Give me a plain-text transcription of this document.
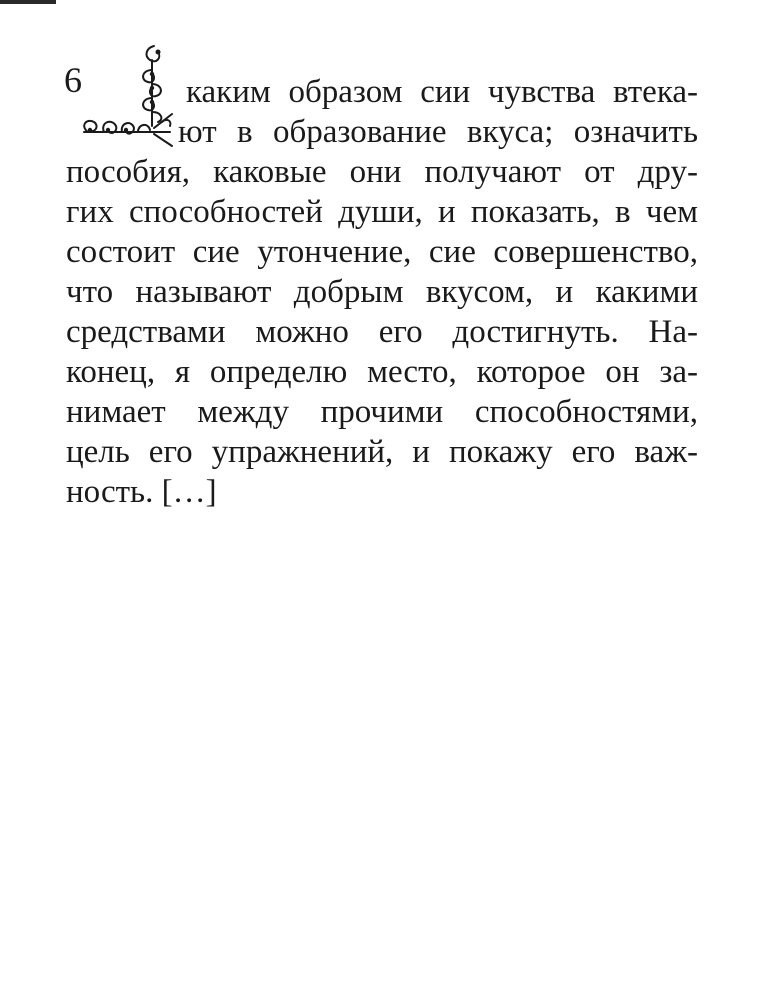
6	каким образом сии чувства втека-
ют в образование вкуса; означить
пособия, каковые они получают от дру-
гих способностей души, и показать, в чем
состоит сие утончение, сие совершенство,
что называют добрым вкусом, и какими
средствами можно его достигнуть. На-
конец, я определю место, которое он за-
нимает между прочими способностями,
цель его упражнений, и покажу его важ-
ность. […]
